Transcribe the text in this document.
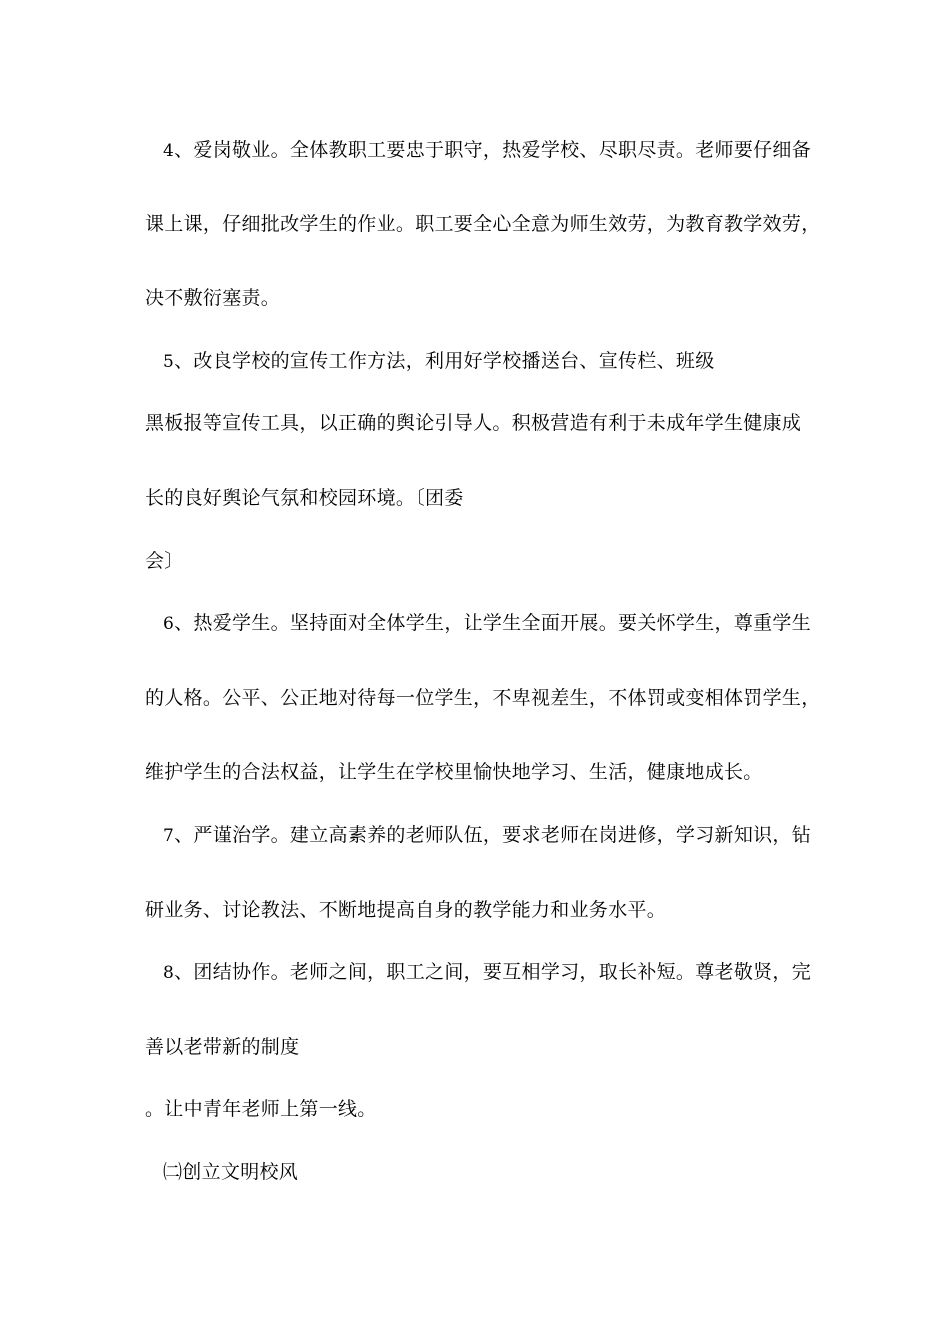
4、爱岗敬业。全体教职工要忠于职守，热爱学校、尽职尽责。老师要仔细备
课上课，仔细批改学生的作业。职工要全心全意为师生效劳，为教育教学效劳，
决不敷衍塞责。
5、改良学校的宣传工作方法，利用好学校播送台、宣传栏、班级
黑板报等宣传工具，以正确的舆论引导人。积极营造有利于未成年学生健康成
长的良好舆论气氛和校园环境。〔团委
会〕
6、热爱学生。坚持面对全体学生，让学生全面开展。要关怀学生，尊重学生
的人格。公平、公正地对待每一位学生，不卑视差生，不体罚或变相体罚学生，
维护学生的合法权益，让学生在学校里愉快地学习、生活，健康地成长。
7、严谨治学。建立高素养的老师队伍，要求老师在岗进修，学习新知识，钻
研业务、讨论教法、不断地提高自身的教学能力和业务水平。
8、团结协作。老师之间，职工之间，要互相学习，取长补短。尊老敬贤，完
善以老带新的制度
。让中青年老师上第一线。
㈡创立文明校风
